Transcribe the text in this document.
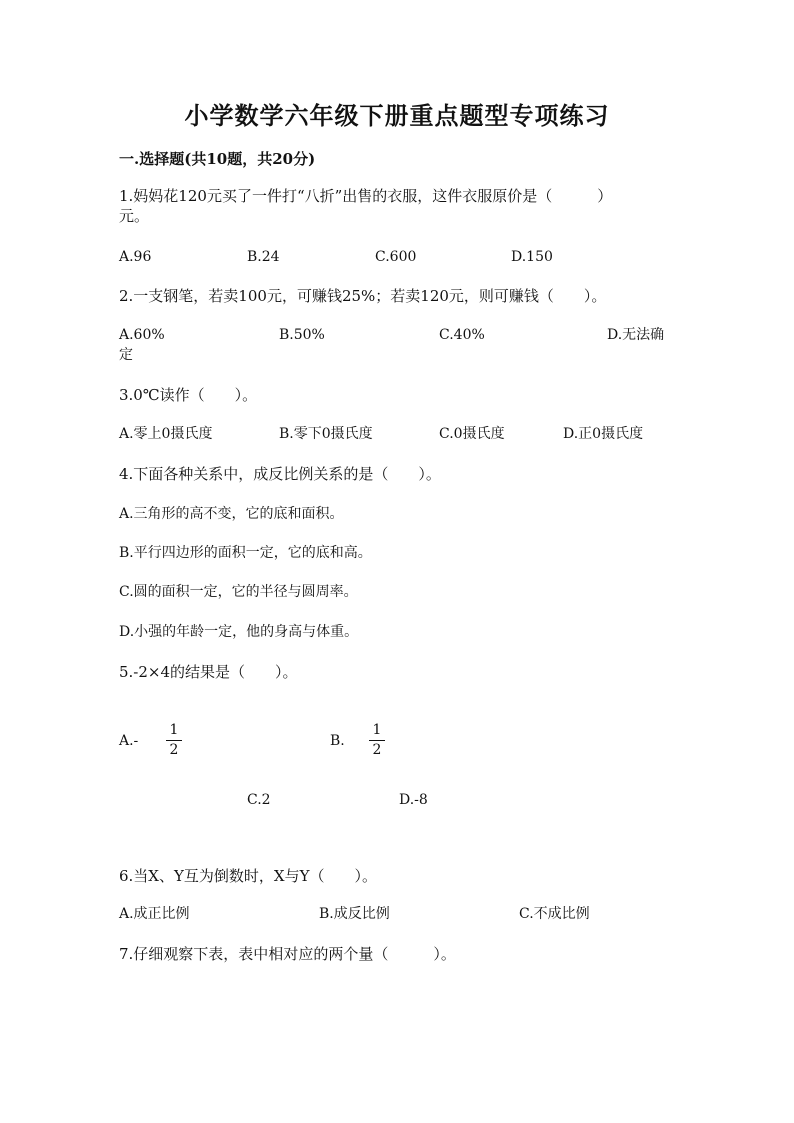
小学数学六年级下册重点题型专项练习
一.选择题(共10题，共20分)
1.妈妈花120元买了一件打“八折”出售的衣服，这件衣服原价是（　　　）
元。
A.96	B.24	C.600	D.150
2.一支钢笔，若卖100元，可赚钱25%；若卖120元，则可赚钱（　　）。
A.60%	B.50%	C.40%	D.无法确
定
3.0℃读作（　　）。
A.零上0摄氏度	B.零下0摄氏度	C.0摄氏度	D.正0摄氏度
4.下面各种关系中，成反比例关系的是（　　）。
A.三角形的高不变，它的底和面积。
B.平行四边形的面积一定，它的底和高。
C.圆的面积一定，它的半径与圆周率。
D.小强的年龄一定，他的身高与体重。
5.-2×4的结果是（　　）。
A.-
1
2
B.
1
2
C.2	D.-8
6.当X、Y互为倒数时，X与Y（　　）。
A.成正比例	B.成反比例	C.不成比例
7.仔细观察下表，表中相对应的两个量（　　　）。
